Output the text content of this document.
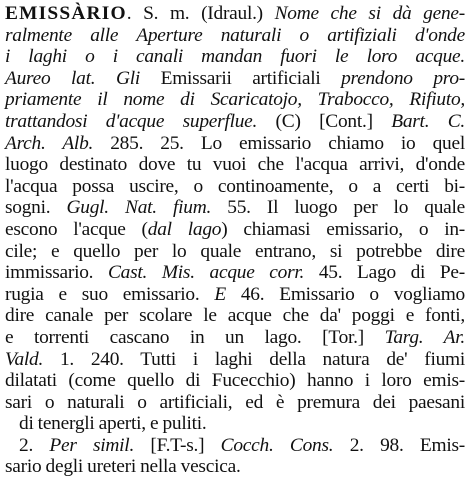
EMISSÀRIO. S. m. (Idraul.) Nome che si dà gene-
ralmente alle Aperture naturali o artifiziali d'onde
i laghi o i canali mandan fuori le loro acque.
Aureo lat. Gli Emissarii artificiali prendono pro-
priamente il nome di Scaricatojo, Trabocco, Rifiuto,
trattandosi d'acque superflue. (C) [Cont.] Bart. C.
Arch. Alb. 285. 25. Lo emissario chiamo io quel
luogo destinato dove tu vuoi che l'acqua arrivi, d'onde
l'acqua possa uscire, o continoamente, o a certi bi-
sogni. Gugl. Nat. fium. 55. Il luogo per lo quale
escono l'acque (dal lago) chiamasi emissario, o in-
cile; e quello per lo quale entrano, si potrebbe dire
immissario. Cast. Mis. acque corr. 45. Lago di Pe-
rugia e suo emissario. E 46. Emissario o vogliamo
dire canale per scolare le acque che da' poggi e fonti,
e torrenti cascano in un lago. [Tor.] Targ. Ar.
Vald. 1. 240. Tutti i laghi della natura de' fiumi
dilatati (come quello di Fucecchio) hanno i loro emis-
sari o naturali o artificiali, ed è premura dei paesani
di tenergli aperti, e puliti.
2. Per simil. [F.T-s.] Cocch. Cons. 2. 98. Emis-
sario degli ureteri nella vescica.
